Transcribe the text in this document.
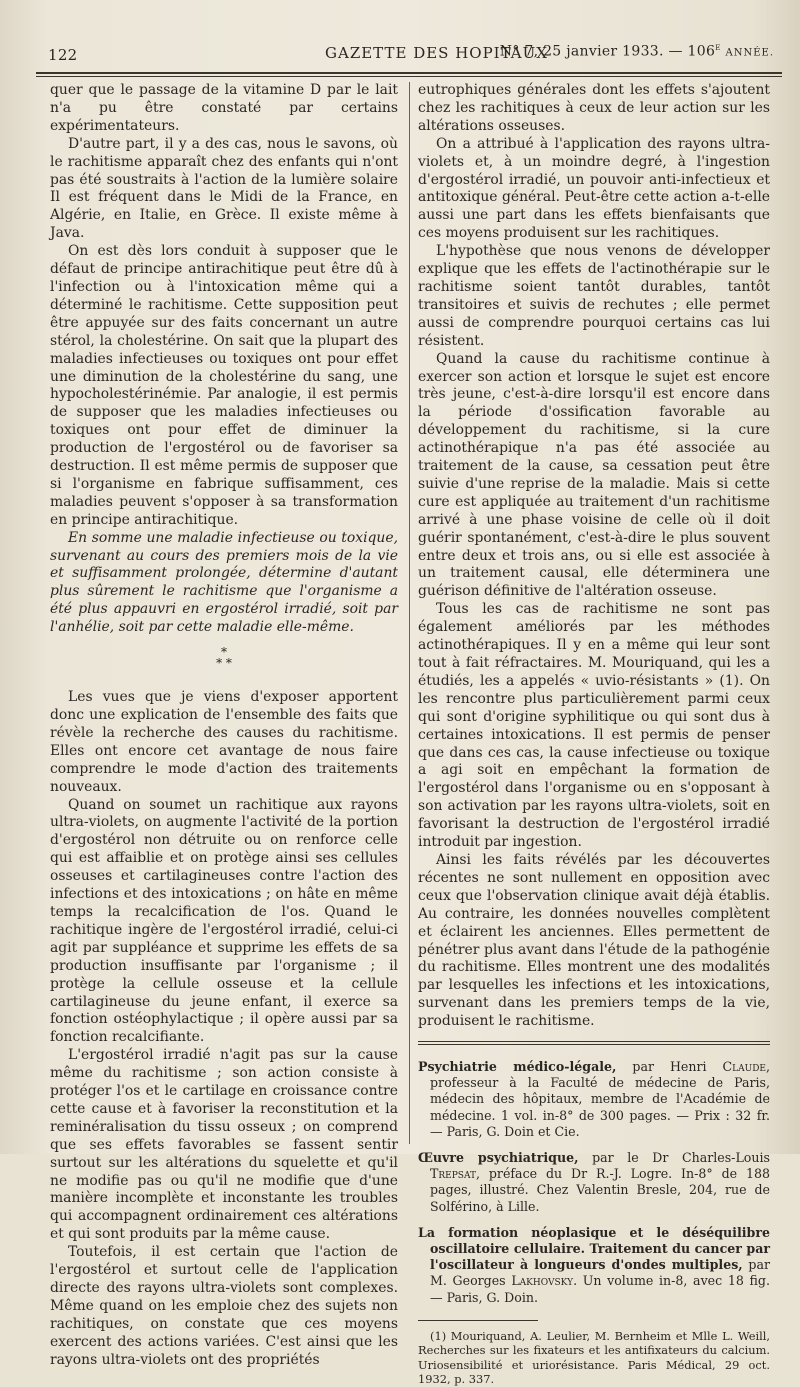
122	GAZETTE DES HOPITAUX
N° 7, 25 janvier 1933. — 106e ANNÉE.

quer que le passage de la vitamine D par le lait n'a pu être constaté par certains expérimentateurs.

D'autre part, il y a des cas, nous le savons, où le rachitisme apparaît chez des enfants qui n'ont pas été soustraits à l'action de la lumière solaire Il est fréquent dans le Midi de la France, en Algérie, en Italie, en Grèce. Il existe même à Java.

On est dès lors conduit à supposer que le défaut de principe antirachitique peut être dû à l'infection ou à l'intoxication même qui a déterminé le rachitisme. Cette supposition peut être appuyée sur des faits concernant un autre stérol, la cholestérine. On sait que la plupart des maladies infectieuses ou toxiques ont pour effet une diminution de la cholestérine du sang, une hypocholestérinémie. Par analogie, il est permis de supposer que les maladies infectieuses ou toxiques ont pour effet de diminuer la production de l'ergostérol ou de favoriser sa destruction. Il est même permis de supposer que si l'organisme en fabrique suffisamment, ces maladies peuvent s'opposer à sa transformation en principe antirachitique.

En somme une maladie infectieuse ou toxique, survenant au cours des premiers mois de la vie et suffisamment prolongée, détermine d'autant plus sûrement le rachitisme que l'organisme a été plus appauvri en ergostérol irradié, soit par l'anhélie, soit par cette maladie elle-même.

*
* *

Les vues que je viens d'exposer apportent donc une explication de l'ensemble des faits que révèle la recherche des causes du rachitisme. Elles ont encore cet avantage de nous faire comprendre le mode d'action des traitements nouveaux.

Quand on soumet un rachitique aux rayons ultra-violets, on augmente l'activité de la portion d'ergostérol non détruite ou on renforce celle qui est affaiblie et on protège ainsi ses cellules osseuses et cartilagineuses contre l'action des infections et des intoxications ; on hâte en même temps la recalcification de l'os. Quand le rachitique ingère de l'ergostérol irradié, celui-ci agit par suppléance et supprime les effets de sa production insuffisante par l'organisme ; il protège la cellule osseuse et la cellule cartilagineuse du jeune enfant, il exerce sa fonction ostéophylactique ; il opère aussi par sa fonction recalcifiante.

L'ergostérol irradié n'agit pas sur la cause même du rachitisme ; son action consiste à protéger l'os et le cartilage en croissance contre cette cause et à favoriser la reconstitution et la reminéralisation du tissu osseux ; on comprend que ses effets favorables se fassent sentir surtout sur les altérations du squelette et qu'il ne modifie pas ou qu'il ne modifie que d'une manière incomplète et inconstante les troubles qui accompagnent ordinairement ces altérations et qui sont produits par la même cause.

Toutefois, il est certain que l'action de l'ergostérol et surtout celle de l'application directe des rayons ultra-violets sont complexes. Même quand on les emploie chez des sujets non rachitiques, on constate que ces moyens exercent des actions variées. C'est ainsi que les rayons ultra-violets ont des propriétés

eutrophiques générales dont les effets s'ajoutent chez les rachitiques à ceux de leur action sur les altérations osseuses.

On a attribué à l'application des rayons ultra-violets et, à un moindre degré, à l'ingestion d'ergostérol irradié, un pouvoir anti-infectieux et antitoxique général. Peut-être cette action a-t-elle aussi une part dans les effets bienfaisants que ces moyens produisent sur les rachitiques.

L'hypothèse que nous venons de développer explique que les effets de l'actinothérapie sur le rachitisme soient tantôt durables, tantôt transitoires et suivis de rechutes ; elle permet aussi de comprendre pourquoi certains cas lui résistent.

Quand la cause du rachitisme continue à exercer son action et lorsque le sujet est encore très jeune, c'est-à-dire lorsqu'il est encore dans la période d'ossification favorable au développement du rachitisme, si la cure actinothérapique n'a pas été associée au traitement de la cause, sa cessation peut être suivie d'une reprise de la maladie. Mais si cette cure est appliquée au traitement d'un rachitisme arrivé à une phase voisine de celle où il doit guérir spontanément, c'est-à-dire le plus souvent entre deux et trois ans, ou si elle est associée à un traitement causal, elle déterminera une guérison définitive de l'altération osseuse.

Tous les cas de rachitisme ne sont pas également améliorés par les méthodes actinothérapiques. Il y en a même qui leur sont tout à fait réfractaires. M. Mouriquand, qui les a étudiés, les a appelés « uvio-résistants » (1). On les rencontre plus particulièrement parmi ceux qui sont d'origine syphilitique ou qui sont dus à certaines intoxications. Il est permis de penser que dans ces cas, la cause infectieuse ou toxique a agi soit en empêchant la formation de l'ergostérol dans l'organisme ou en s'opposant à son activation par les rayons ultra-violets, soit en favorisant la destruction de l'ergostérol irradié introduit par ingestion.

Ainsi les faits révélés par les découvertes récentes ne sont nullement en opposition avec ceux que l'observation clinique avait déjà établis. Au contraire, les données nouvelles complètent et éclairent les anciennes. Elles permettent de pénétrer plus avant dans l'étude de la pathogénie du rachitisme. Elles montrent une des modalités par lesquelles les infections et les intoxications, survenant dans les premiers temps de la vie, produisent le rachitisme.

Psychiatrie médico-légale, par Henri Claude, professeur à la Faculté de médecine de Paris, médecin des hôpitaux, membre de l'Académie de médecine. 1 vol. in-8° de 300 pages. — Prix : 32 fr. — Paris, G. Doin et Cie.

Œuvre psychiatrique, par le Dr Charles-Louis Trepsat, préface du Dr R.-J. Logre. In-8° de 188 pages, illustré. Chez Valentin Bresle, 204, rue de Solférino, à Lille.

La formation néoplasique et le déséquilibre oscillatoire cellulaire. Traitement du cancer par l'oscillateur à longueurs d'ondes multiples, par M. Georges Lakhovsky. Un volume in-8, avec 18 fig. — Paris, G. Doin.

(1) Mouriquand, A. Leulier, M. Bernheim et Mlle L. Weill, Recherches sur les fixateurs et les antifixateurs du calcium. Uriosensibilité et uriorésistance. Paris Médical, 29 oct. 1932, p. 337.
